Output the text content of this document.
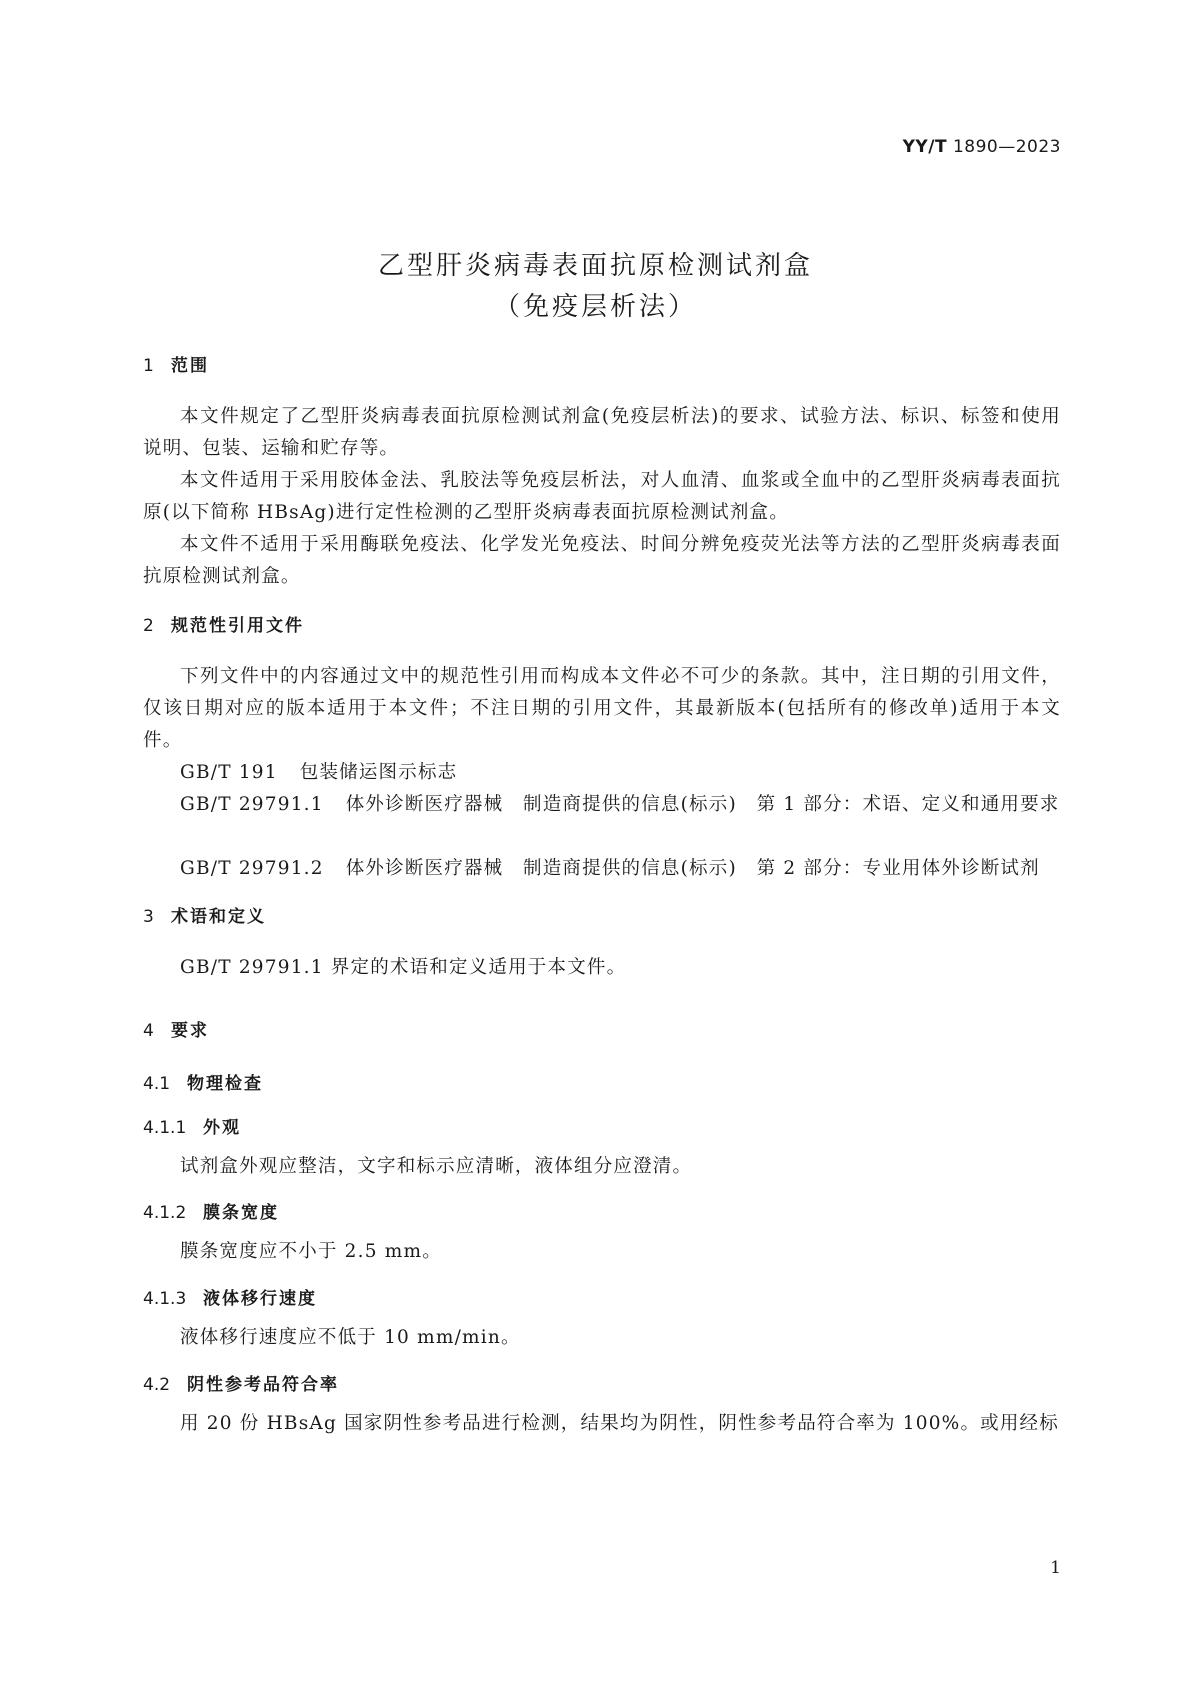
YY/T 1890—2023
乙型肝炎病毒表面抗原检测试剂盒
（免疫层析法）
1 范围

本文件规定了乙型肝炎病毒表面抗原检测试剂盒(免疫层析法)的要求、试验方法、标识、标签和使用说明、包装、运输和贮存等。

本文件适用于采用胶体金法、乳胶法等免疫层析法，对人血清、血浆或全血中的乙型肝炎病毒表面抗原(以下简称 HBsAg)进行定性检测的乙型肝炎病毒表面抗原检测试剂盒。

本文件不适用于采用酶联免疫法、化学发光免疫法、时间分辨免疫荧光法等方法的乙型肝炎病毒表面抗原检测试剂盒。

2 规范性引用文件

下列文件中的内容通过文中的规范性引用而构成本文件必不可少的条款。其中，注日期的引用文件，仅该日期对应的版本适用于本文件；不注日期的引用文件，其最新版本(包括所有的修改单)适用于本文件。

GB/T 191 包装储运图示标志

GB/T 29791.1 体外诊断医疗器械　制造商提供的信息(标示)　第 1 部分：术语、定义和通用要求

GB/T 29791.2 体外诊断医疗器械　制造商提供的信息(标示)　第 2 部分：专业用体外诊断试剂

3 术语和定义

GB/T 29791.1 界定的术语和定义适用于本文件。

4 要求
4.1 物理检查
4.1.1 外观

试剂盒外观应整洁，文字和标示应清晰，液体组分应澄清。

4.1.2 膜条宽度

膜条宽度应不小于 2.5 mm。

4.1.3 液体移行速度

液体移行速度应不低于 10 mm/min。

4.2 阴性参考品符合率

用 20 份 HBsAg 国家阴性参考品进行检测，结果均为阴性，阴性参考品符合率为 100%。或用经标

1
